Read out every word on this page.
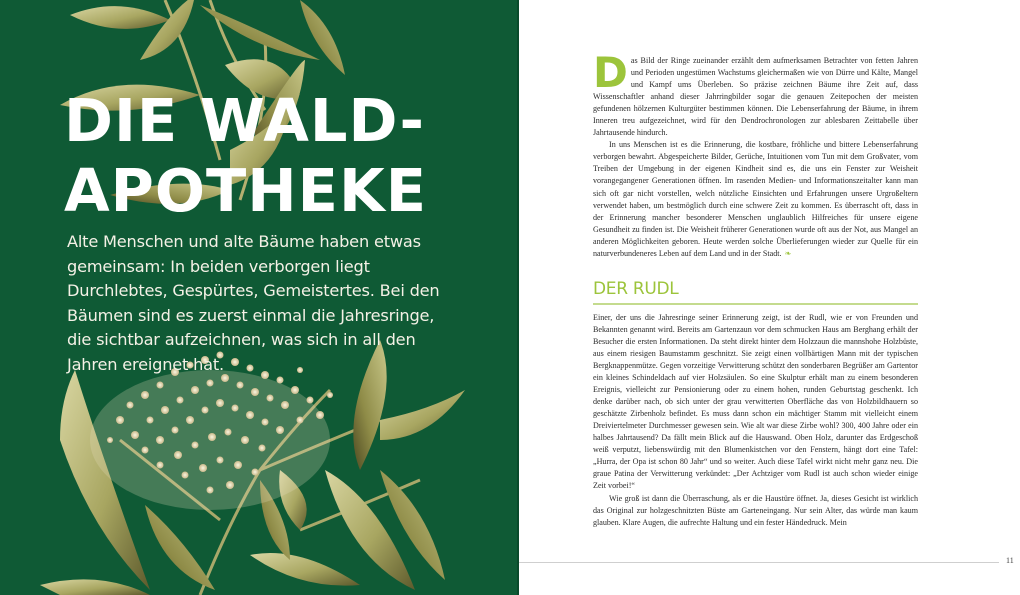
DIE WALD-
APOTHEKE

Alte Menschen und alte Bäume haben etwas gemeinsam: In beiden verborgen liegt Durchlebtes, Gespürtes, Gemeistertes. Bei den Bäumen sind es zuerst einmal die Jahresringe, die sichtbar aufzeichnen, was sich in all den Jahren ereignet hat.

Das Bild der Ringe zueinander erzählt dem aufmerksamen Betrachter von fetten Jahren und Perioden ungestümen Wachstums gleichermaßen wie von Dürre und Kälte, Mangel und Kampf ums Überleben. So präzise zeichnen Bäume ihre Zeit auf, dass Wissenschaftler anhand dieser Jahrringbilder sogar die genauen Zeitepochen der meisten gefundenen hölzernen Kulturgüter bestimmen können. Die Lebenserfahrung der Bäume, in ihrem Inneren treu aufgezeichnet, wird für den Dendrochronologen zur ablesbaren Zeittabelle über Jahrtausende hindurch.

In uns Menschen ist es die Erinnerung, die kostbare, fröhliche und bittere Lebenserfahrung verborgen bewahrt. Abgespeicherte Bilder, Gerüche, Intuitionen vom Tun mit dem Großvater, vom Treiben der Umgebung in der eigenen Kindheit sind es, die uns ein Fenster zur Weisheit vorangegangener Generationen öffnen. Im rasenden Medien- und Informationszeitalter kann man sich oft gar nicht vorstellen, welch nützliche Einsichten und Erfahrungen unsere Urgroßeltern verwendet haben, um bestmöglich durch eine schwere Zeit zu kommen. Es überrascht oft, dass in der Erinnerung mancher besonderer Menschen unglaublich Hilfreiches für unsere eigene Gesundheit zu finden ist. Die Weisheit früherer Generationen wurde oft aus der Not, aus Mangel an anderen Möglichkeiten geboren. Heute werden solche Überlieferungen wieder zur Quelle für ein naturverbundeneres Leben auf dem Land und in der Stadt. ❧

DER RUDL

Einer, der uns die Jahresringe seiner Erinnerung zeigt, ist der Rudl, wie er von Freunden und Bekannten genannt wird. Bereits am Gartenzaun vor dem schmucken Haus am Berghang erhält der Besucher die ersten Informationen. Da steht direkt hinter dem Holzzaun die mannshohe Holzbüste, aus einem riesigen Baumstamm geschnitzt. Sie zeigt einen vollbärtigen Mann mit der typischen Bergknappenmütze. Gegen vorzeitige Verwitterung schützt den sonderbaren Begrüßer am Gartentor ein kleines Schindeldach auf vier Holzsäulen. So eine Skulptur erhält man zu einem besonderen Ereignis, vielleicht zur Pensionierung oder zu einem hohen, runden Geburtstag geschenkt. Ich denke darüber nach, ob sich unter der grau verwitterten Oberfläche das von Holzbildhauern so geschätzte Zirbenholz befindet. Es muss dann schon ein mächtiger Stamm mit vielleicht einem Dreiviertelmeter Durchmesser gewesen sein. Wie alt war diese Zirbe wohl? 300, 400 Jahre oder ein halbes Jahrtausend? Da fällt mein Blick auf die Hauswand. Oben Holz, darunter das Erdgeschoß weiß verputzt, liebenswürdig mit den Blumenkistchen vor den Fenstern, hängt dort eine Tafel: „Hurra, der Opa ist schon 80 Jahr“ und so weiter. Auch diese Tafel wirkt nicht mehr ganz neu. Die graue Patina der Verwitterung verkündet: „Der Achtziger vom Rudl ist auch schon wieder einige Zeit vorbei!“

Wie groß ist dann die Überraschung, als er die Haustüre öffnet. Ja, dieses Gesicht ist wirklich das Original zur holzgeschnitzten Büste am Garteneingang. Nur sein Alter, das würde man kaum glauben. Klare Augen, die aufrechte Haltung und ein fester Händedruck. Mein

11
